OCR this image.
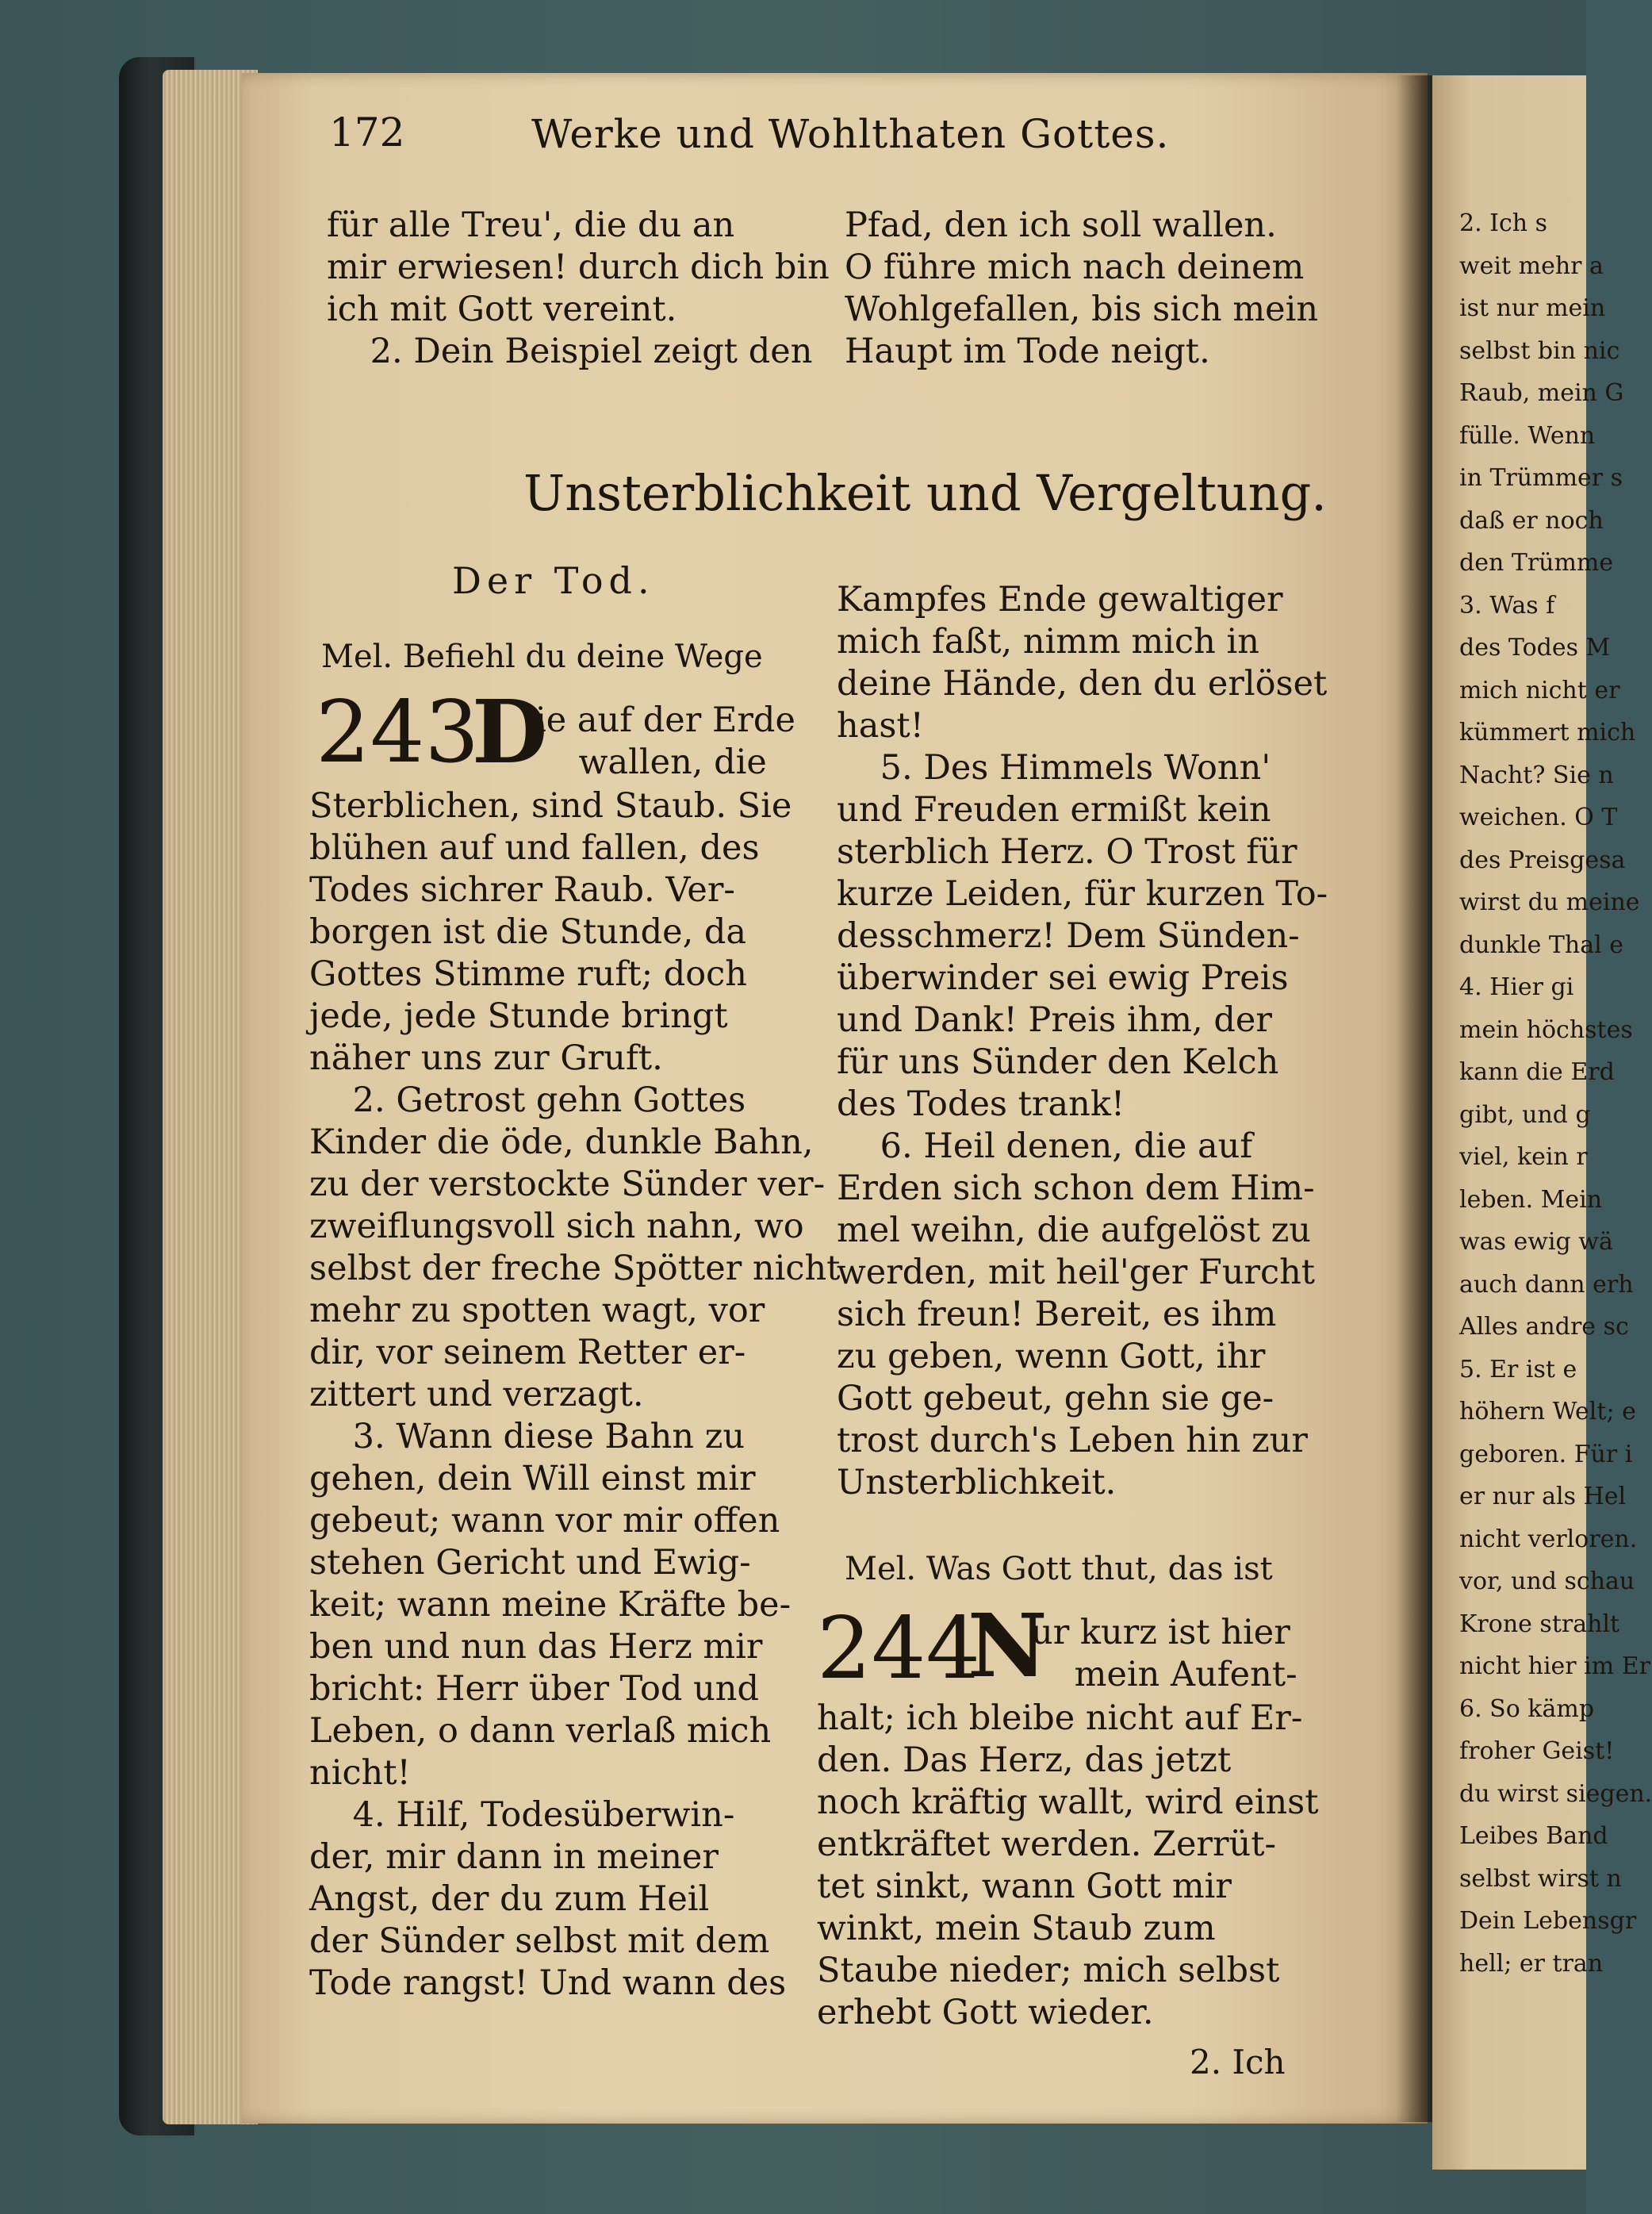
172	Werke und Wohlthaten Gottes.
für alle Treu', die du an
mir erwiesen! durch dich bin
ich mit Gott vereint.
2. Dein Beispiel zeigt den
Pfad, den ich soll wallen.
O führe mich nach deinem
Wohlgefallen, bis sich mein
Haupt im Tode neigt.
Unsterblichkeit und Vergeltung.
Der Tod.
Mel. Befiehl du deine Wege
243
D
ie auf der Erde
wallen, die
Sterblichen, sind Staub. Sie
blühen auf und fallen, des
Todes sichrer Raub. Ver-
borgen ist die Stunde, da
Gottes Stimme ruft; doch
jede, jede Stunde bringt
näher uns zur Gruft.
2. Getrost gehn Gottes
Kinder die öde, dunkle Bahn,
zu der verstockte Sünder ver-
zweiflungsvoll sich nahn, wo
selbst der freche Spötter nicht
mehr zu spotten wagt, vor
dir, vor seinem Retter er-
zittert und verzagt.
3. Wann diese Bahn zu
gehen, dein Will einst mir
gebeut; wann vor mir offen
stehen Gericht und Ewig-
keit; wann meine Kräfte be-
ben und nun das Herz mir
bricht: Herr über Tod und
Leben, o dann verlaß mich
nicht!
4. Hilf, Todesüberwin-
der, mir dann in meiner
Angst, der du zum Heil
der Sünder selbst mit dem
Tode rangst! Und wann des
Kampfes Ende gewaltiger
mich faßt, nimm mich in
deine Hände, den du erlöset
hast!
5. Des Himmels Wonn'
und Freuden ermißt kein
sterblich Herz. O Trost für
kurze Leiden, für kurzen To-
desschmerz! Dem Sünden-
überwinder sei ewig Preis
und Dank! Preis ihm, der
für uns Sünder den Kelch
des Todes trank!
6. Heil denen, die auf
Erden sich schon dem Him-
mel weihn, die aufgelöst zu
werden, mit heil'ger Furcht
sich freun! Bereit, es ihm
zu geben, wenn Gott, ihr
Gott gebeut, gehn sie ge-
trost durch's Leben hin zur
Unsterblichkeit.
Mel. Was Gott thut, das ist
244
N
ur kurz ist hier
mein Aufent-
halt; ich bleibe nicht auf Er-
den. Das Herz, das jetzt
noch kräftig wallt, wird einst
entkräftet werden. Zerrüt-
tet sinkt, wann Gott mir
winkt, mein Staub zum
Staube nieder; mich selbst
erhebt Gott wieder.
2. Ich
2. Ich s
weit mehr a
ist nur mein
selbst bin nic
Raub, mein G
fülle. Wenn
in Trümmer s
daß er noch
den Trümme
3. Was f
des Todes M
mich nicht er
kümmert mich
Nacht? Sie n
weichen. O T
des Preisgesa
wirst du meine
dunkle Thal e
4. Hier gi
mein höchstes
kann die Erd
gibt, und g
viel, kein r
leben. Mein
was ewig wä
auch dann erh
Alles andre sc
5. Er ist e
höhern Welt; e
geboren. Für i
er nur als Hel
nicht verloren.
vor, und schau
Krone strahlt
nicht hier im Er
6. So kämp
froher Geist!
du wirst siegen.
Leibes Band
selbst wirst n
Dein Lebensgr
hell; er tran
